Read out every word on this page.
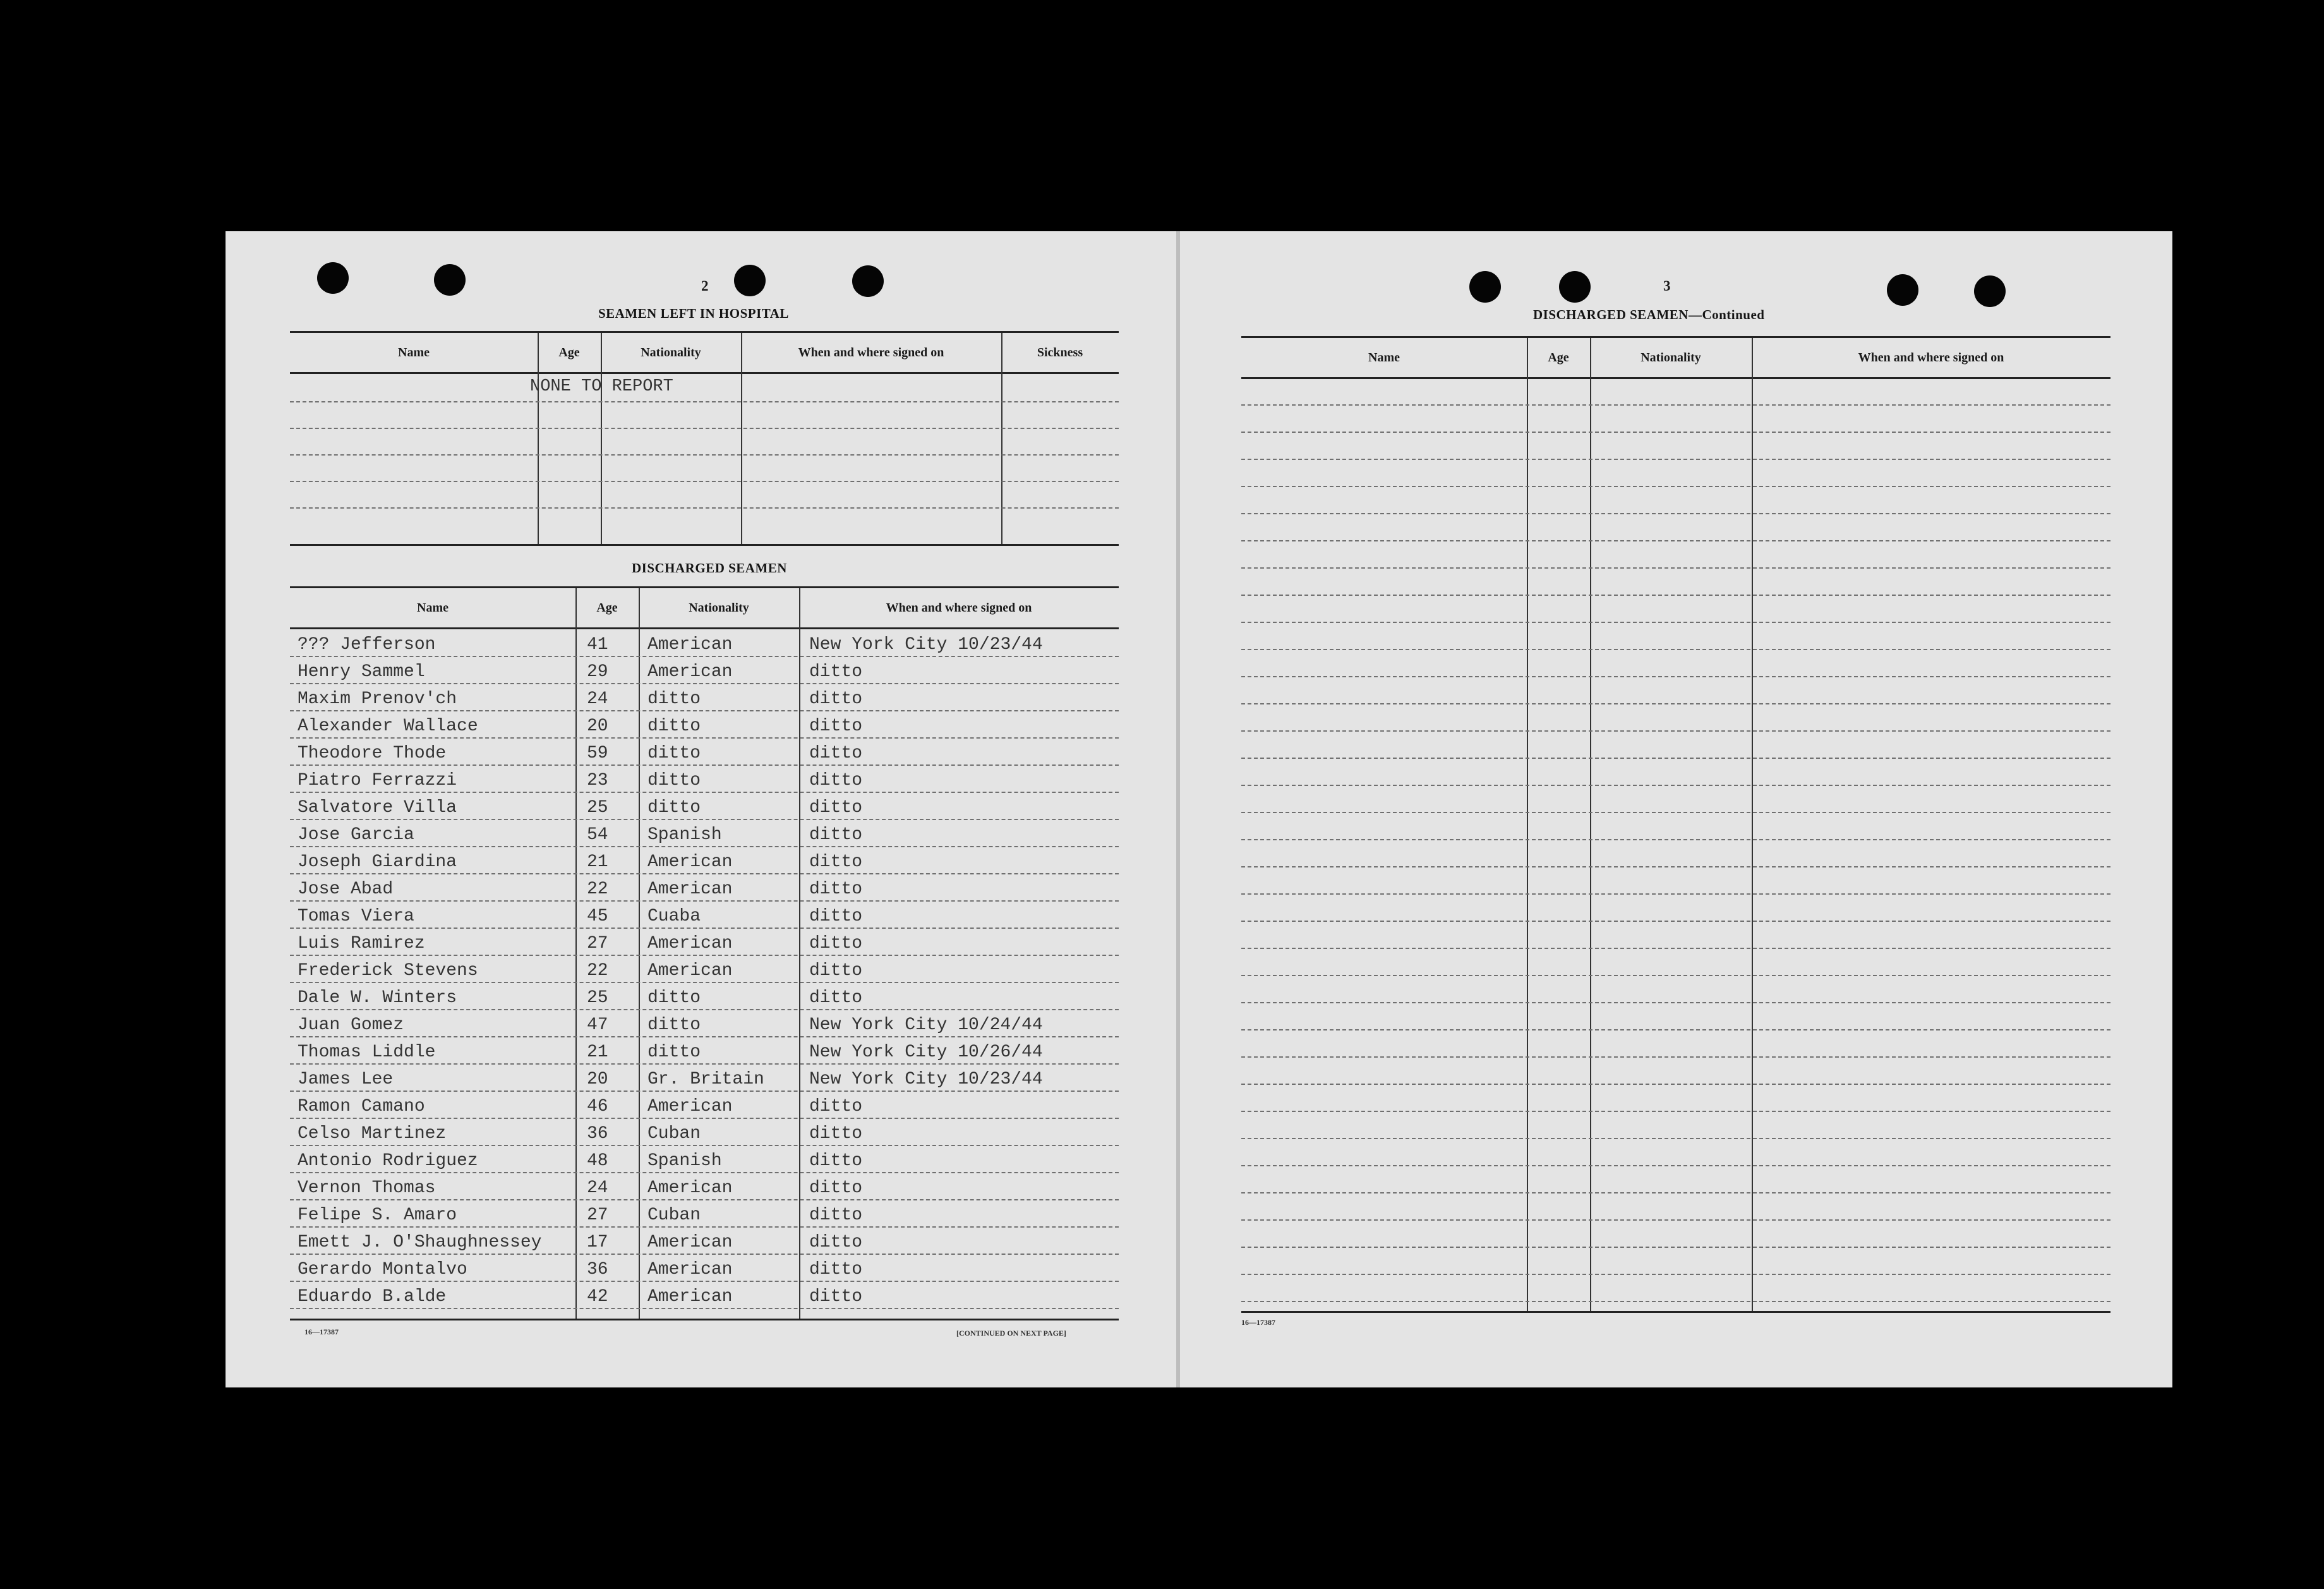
2
SEAMEN LEFT IN HOSPITAL
Name	Age	Nationality	When and where signed on	Sickness
NONE TO REPORT
DISCHARGED SEAMEN
Name	Age	Nationality	When and where signed on
??? Jefferson	41 American	New York City 10/23/44
Henry Sammel	29 American	ditto
Maxim Prenov'ch	24 ditto	ditto
Alexander Wallace	20 ditto	ditto
Theodore Thode	59 ditto	ditto
Piatro Ferrazzi	23 ditto	ditto
Salvatore Villa	25 ditto	ditto
Jose Garcia	54 Spanish	ditto
Joseph Giardina	21 American	ditto
Jose Abad	22 American	ditto
Tomas Viera	45 Cuaba	ditto
Luis Ramirez	27 American	ditto
Frederick Stevens	22 American	ditto
Dale W. Winters	25 ditto	ditto
Juan Gomez	47 ditto	New York City 10/24/44
Thomas Liddle	21 ditto	New York City 10/26/44
James Lee	20 Gr. Britain	New York City 10/23/44
Ramon Camano	46 American	ditto
Celso Martinez	36 Cuban	ditto
Antonio Rodriguez	48 Spanish	ditto
Vernon Thomas	24 American	ditto
Felipe S. Amaro	27 Cuban	ditto
Emett J. O'Shaughnessey	17 American	ditto
Gerardo Montalvo	36 American	ditto
Eduardo B.alde	42 American	ditto
16—17387	[CONTINUED ON NEXT PAGE]
3
DISCHARGED SEAMEN—Continued
Name	Age	Nationality	When and where signed on
16—17387
